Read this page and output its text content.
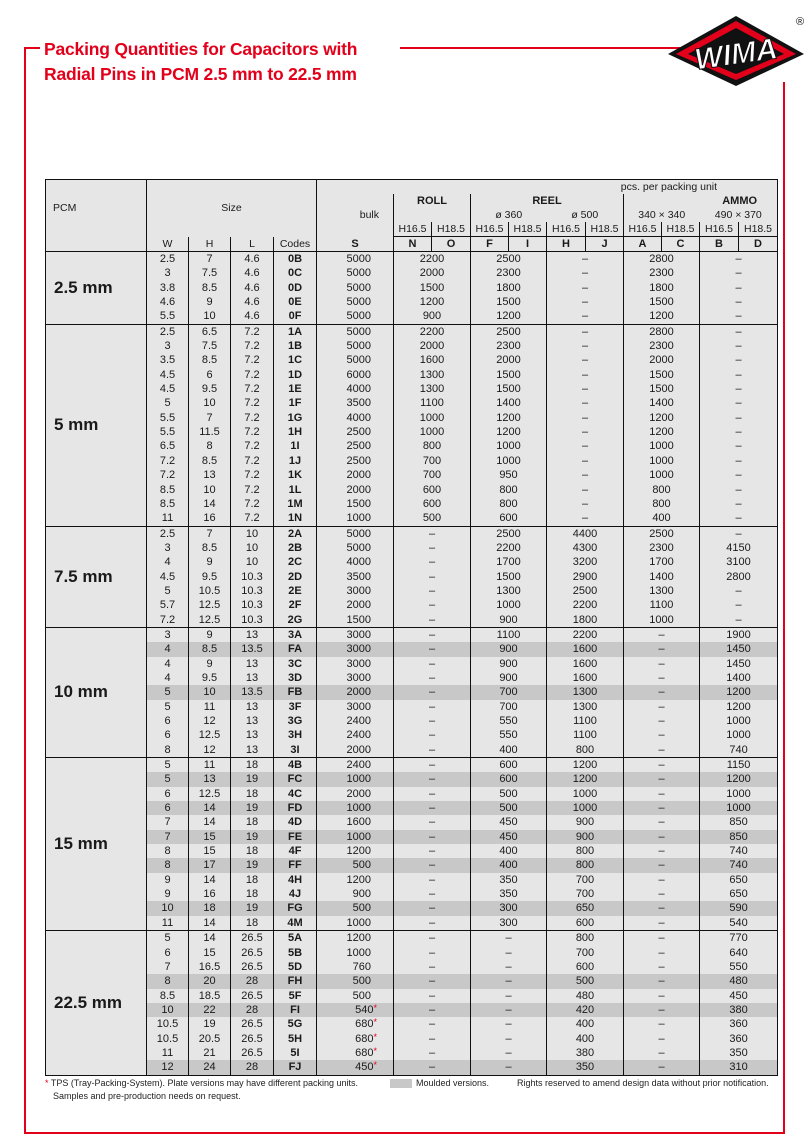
Packing Quantities for Capacitors with
Radial Pins in PCM 2.5 mm to 22.5 mm	WIMA
®
PCM	Size				pcs. per packing unit										
					bulk	ROLL		REEL				AMMO			
								ø 360		ø 500		340 × 340		490 × 370	
						H16.5	H18.5	H16.5	H18.5	H16.5	H18.5	H16.5	H18.5	H16.5	H18.5
	W	H	L	Codes	S	N	O	F	I	H	J	A	C	B	D
2.5 mm	2.5	7	4.6	0B	5000	2200		2500		–		2800		–	
	3	7.5	4.6	0C	5000	2000		2300		–		2300		–	
	3.8	8.5	4.6	0D	5000	1500		1800		–		1800		–	
	4.6	9	4.6	0E	5000	1200		1500		–		1500		–	
	5.5	10	4.6	0F	5000	900		1200		–		1200		–	
5 mm	2.5	6.5	7.2	1A	5000	2200		2500		–		2800		–	
	3	7.5	7.2	1B	5000	2000		2300		–		2300		–	
	3.5	8.5	7.2	1C	5000	1600		2000		–		2000		–	
	4.5	6	7.2	1D	6000	1300		1500		–		1500		–	
	4.5	9.5	7.2	1E	4000	1300		1500		–		1500		–	
	5	10	7.2	1F	3500	1100		1400		–		1400		–	
	5.5	7	7.2	1G	4000	1000		1200		–		1200		–	
	5.5	11.5	7.2	1H	2500	1000		1200		–		1200		–	
	6.5	8	7.2	1I	2500	800		1000		–		1000		–	
	7.2	8.5	7.2	1J	2500	700		1000		–		1000		–	
	7.2	13	7.2	1K	2000	700		950		–		1000		–	
	8.5	10	7.2	1L	2000	600		800		–		800		–	
	8.5	14	7.2	1M	1500	600		800		–		800		–	
	11	16	7.2	1N	1000	500		600		–		400		–	
7.5 mm	2.5	7	10	2A	5000	–		2500		4400		2500		–	
	3	8.5	10	2B	5000	–		2200		4300		2300		4150	
	4	9	10	2C	4000	–		1700		3200		1700		3100	
	4.5	9.5	10.3	2D	3500	–		1500		2900		1400		2800	
	5	10.5	10.3	2E	3000	–		1300		2500		1300		–	
	5.7	12.5	10.3	2F	2000	–		1000		2200		1100		–	
	7.2	12.5	10.3	2G	1500	–		900		1800		1000		–	
10 mm	3	9	13	3A	3000	–		1100		2200		–		1900	
	4	8.5	13.5	FA	3000	–		900		1600		–		1450	
	4	9	13	3C	3000	–		900		1600		–		1450	
	4	9.5	13	3D	3000	–		900		1600		–		1400	
	5	10	13.5	FB	2000	–		700		1300		–		1200	
	5	11	13	3F	3000	–		700		1300		–		1200	
	6	12	13	3G	2400	–		550		1100		–		1000	
	6	12.5	13	3H	2400	–		550		1100		–		1000	
	8	12	13	3I	2000	–		400		800		–		740	
15 mm	5	11	18	4B	2400	–		600		1200		–		1150	
	5	13	19	FC	1000	–		600		1200		–		1200	
	6	12.5	18	4C	2000	–		500		1000		–		1000	
	6	14	19	FD	1000	–		500		1000		–		1000	
	7	14	18	4D	1600	–		450		900		–		850	
	7	15	19	FE	1000	–		450		900		–		850	
	8	15	18	4F	1200	–		400		800		–		740	
	8	17	19	FF	500	–		400		800		–		740	
	9	14	18	4H	1200	–		350		700		–		650	
	9	16	18	4J	900	–		350		700		–		650	
	10	18	19	FG	500	–		300		650		–		590	
	11	14	18	4M	1000	–		300		600		–		540	
22.5 mm	5	14	26.5	5A	1200	–		–		800		–		770	
	6	15	26.5	5B	1000	–		–		700		–		640	
	7	16.5	26.5	5D	760	–		–		600		–		550	
	8	20	28	FH	500	–		–		500		–		480	
	8.5	18.5	26.5	5F	500	–		–		480		–		450	
	10	22	28	FI	540*	–		–		420		–		380	
	10.5	19	26.5	5G	680*	–		–		400		–		360	
	10.5	20.5	26.5	5H	680*	–		–		400		–		360	
	11	21	26.5	5I	680*	–		–		380		–		350	
	12	24	28	FJ	450*	–		–		350		–		310	
* TPS (Tray-Packing-System). Plate versions may have different packing units.
Samples and pre-production needs on request.
Moulded versions.	Rights reserved to amend design data without prior notification.
